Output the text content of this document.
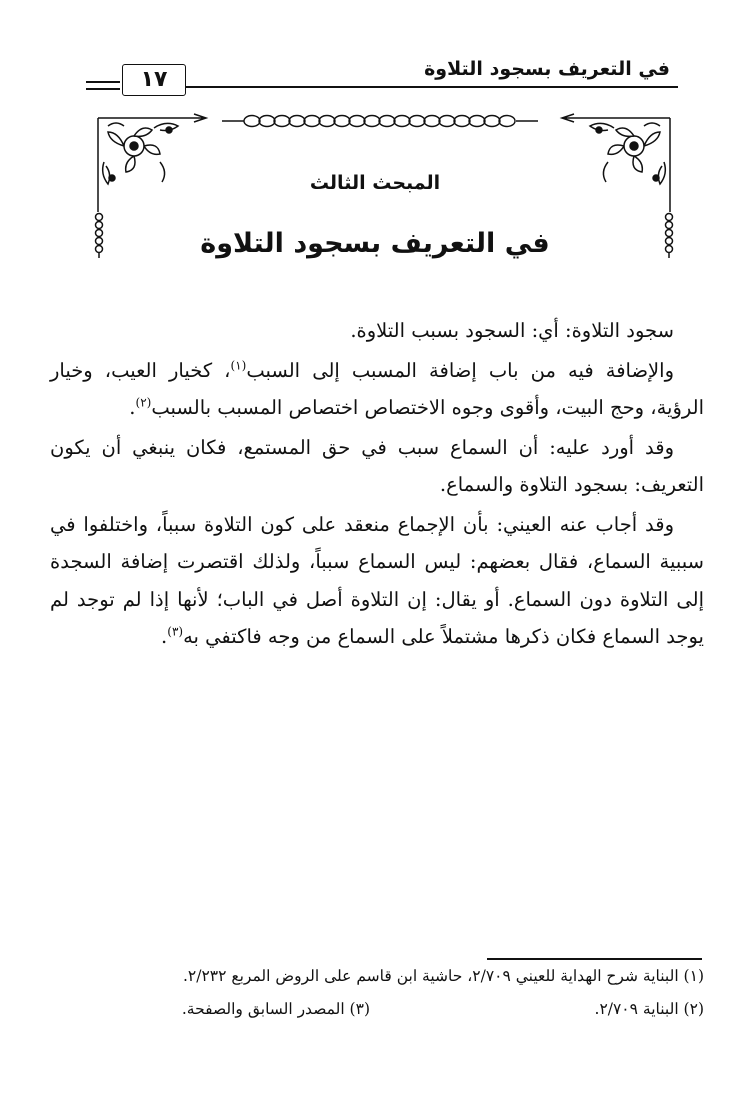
في التعريف بسجود التلاوة
١٧
المبحث الثالث
في التعريف بسجود التلاوة

سجود التلاوة: أي: السجود بسبب التلاوة.

والإضافة فيه من باب إضافة المسبب إلى السبب$^{(١)}$، كخيار العيب، وخيار الرؤية، وحج البيت، وأقوى وجوه الاختصاص اختصاص المسبب بالسبب$^{(٢)}$.

وقد أورد عليه: أن السماع سبب في حق المستمع، فكان ينبغي أن يكون التعريف: بسجود التلاوة والسماع.

وقد أجاب عنه العيني: بأن الإجماع منعقد على كون التلاوة سبباً، واختلفوا في سببية السماع، فقال بعضهم: ليس السماع سبباً، ولذلك اقتصرت إضافة السجدة إلى التلاوة دون السماع. أو يقال: إن التلاوة أصل في الباب؛ لأنها إذا لم توجد لم يوجد السماع فكان ذكرها مشتملاً على السماع من وجه فاكتفي به$^{(٣)}$.

(١) البناية شرح الهداية للعيني ٢/٧٠٩، حاشية ابن قاسم على الروض المربع ٢/٢٣٢.
(٢) البناية ٢/٧٠٩.
(٣) المصدر السابق والصفحة.
